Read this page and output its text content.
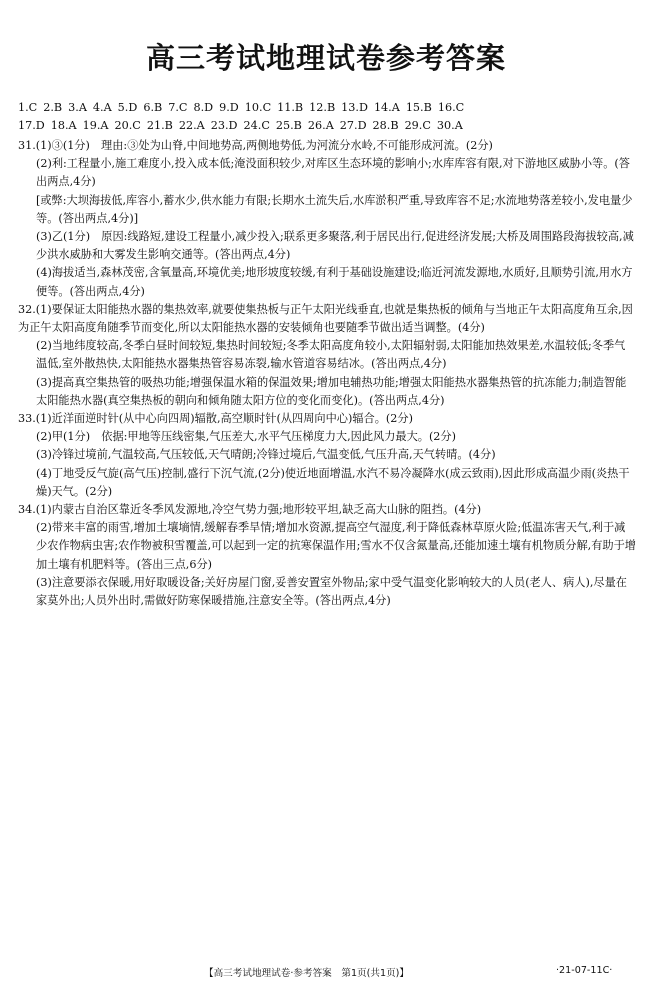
高三考试地理试卷参考答案
1.C 2.B 3.A 4.A 5.D 6.B 7.C 8.D 9.D 10.C 11.B 12.B 13.D 14.A 15.B 16.C
17.D 18.A 19.A 20.C 21.B 22.A 23.D 24.C 25.B 26.A 27.D 28.B 29.C 30.A

31.(1)③(1分)　理由:③处为山脊,中间地势高,两侧地势低,为河流分水岭,不可能形成河流。(2分)

(2)利:工程量小,施工难度小,投入成本低;淹没面积较少,对库区生态环境的影响小;水库库容有限,对下游地区威胁小等。(答出两点,4分)

[或弊:大坝海拔低,库容小,蓄水少,供水能力有限;长期水土流失后,水库淤积严重,导致库容不足;水流地势落差较小,发电量少等。(答出两点,4分)]

(3)乙(1分)　原因:线路短,建设工程量小,减少投入;联系更多聚落,利于居民出行,促进经济发展;大桥及周围路段海拔较高,减少洪水威胁和大雾发生影响交通等。(答出两点,4分)

(4)海拔适当,森林茂密,含氧量高,环境优美;地形坡度较缓,有利于基础设施建设;临近河流发源地,水质好,且顺势引流,用水方便等。(答出两点,4分)

32.(1)要保证太阳能热水器的集热效率,就要使集热板与正午太阳光线垂直,也就是集热板的倾角与当地正午太阳高度角互余,因为正午太阳高度角随季节而变化,所以太阳能热水器的安装倾角也要随季节做出适当调整。(4分)

(2)当地纬度较高,冬季白昼时间较短,集热时间较短;冬季太阳高度角较小,太阳辐射弱,太阳能加热效果差,水温较低;冬季气温低,室外散热快,太阳能热水器集热管容易冻裂,输水管道容易结冰。(答出两点,4分)

(3)提高真空集热管的吸热功能;增强保温水箱的保温效果;增加电辅热功能;增强太阳能热水器集热管的抗冻能力;制造智能太阳能热水器(真空集热板的朝向和倾角随太阳方位的变化而变化)。(答出两点,4分)

33.(1)近洋面逆时针(从中心向四周)辐散,高空顺时针(从四周向中心)辐合。(2分)

(2)甲(1分)　依据:甲地等压线密集,气压差大,水平气压梯度力大,因此风力最大。(2分)

(3)冷锋过境前,气温较高,气压较低,天气晴朗;冷锋过境后,气温变低,气压升高,天气转晴。(4分)

(4)丁地受反气旋(高气压)控制,盛行下沉气流,(2分)使近地面增温,水汽不易冷凝降水(成云致雨),因此形成高温少雨(炎热干燥)天气。(2分)

34.(1)内蒙古自治区靠近冬季风发源地,冷空气势力强;地形较平坦,缺乏高大山脉的阻挡。(4分)

(2)带来丰富的雨雪,增加土壤墒情,缓解春季旱情;增加水资源,提高空气湿度,利于降低森林草原火险;低温冻害天气,利于减少农作物病虫害;农作物被积雪覆盖,可以起到一定的抗寒保温作用;雪水不仅含氮量高,还能加速土壤有机物质分解,有助于增加土壤有机肥料等。(答出三点,6分)

(3)注意要添衣保暖,用好取暖设备;关好房屋门窗,妥善安置室外物品;家中受气温变化影响较大的人员(老人、病人),尽量在家莫外出;人员外出时,需做好防寒保暖措施,注意安全等。(答出两点,4分)

【高三考试地理试卷·参考答案　第1页(共1页)】	·21-07-11C·
